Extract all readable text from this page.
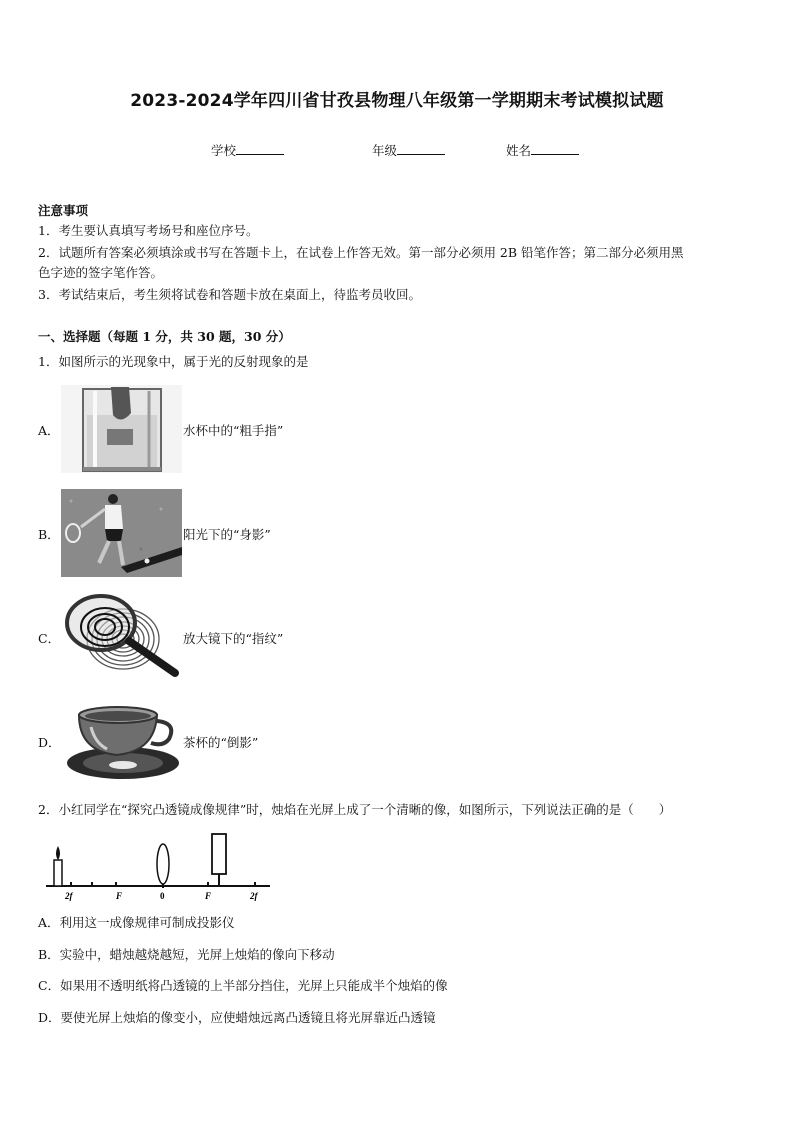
2023-2024学年四川省甘孜县物理八年级第一学期期末考试模拟试题
学校	年级	姓名
注意事项
1．考生要认真填写考场号和座位序号。
2．试题所有答案必须填涂或书写在答题卡上，在试卷上作答无效。第一部分必须用 2B 铅笔作答；第二部分必须用黑
色字迹的签字笔作答。
3．考试结束后，考生须将试卷和答题卡放在桌面上，待监考员收回。
一、选择题（每题 1 分，共 30 题，30 分）
1．如图所示的光现象中，属于光的反射现象的是
A．	水杯中的“粗手指”
B．	阳光下的“身影”
C．	放大镜下的“指纹”
D．	茶杯的“倒影”
2．小红同学在“探究凸透镜成像规律”时，烛焰在光屏上成了一个清晰的像，如图所示，下列说法正确的是（　　）
2f	F	0	F	2f
A．利用这一成像规律可制成投影仪
B．实验中，蜡烛越烧越短，光屏上烛焰的像向下移动
C．如果用不透明纸将凸透镜的上半部分挡住，光屏上只能成半个烛焰的像
D．要使光屏上烛焰的像变小，应使蜡烛远离凸透镜且将光屏靠近凸透镜
